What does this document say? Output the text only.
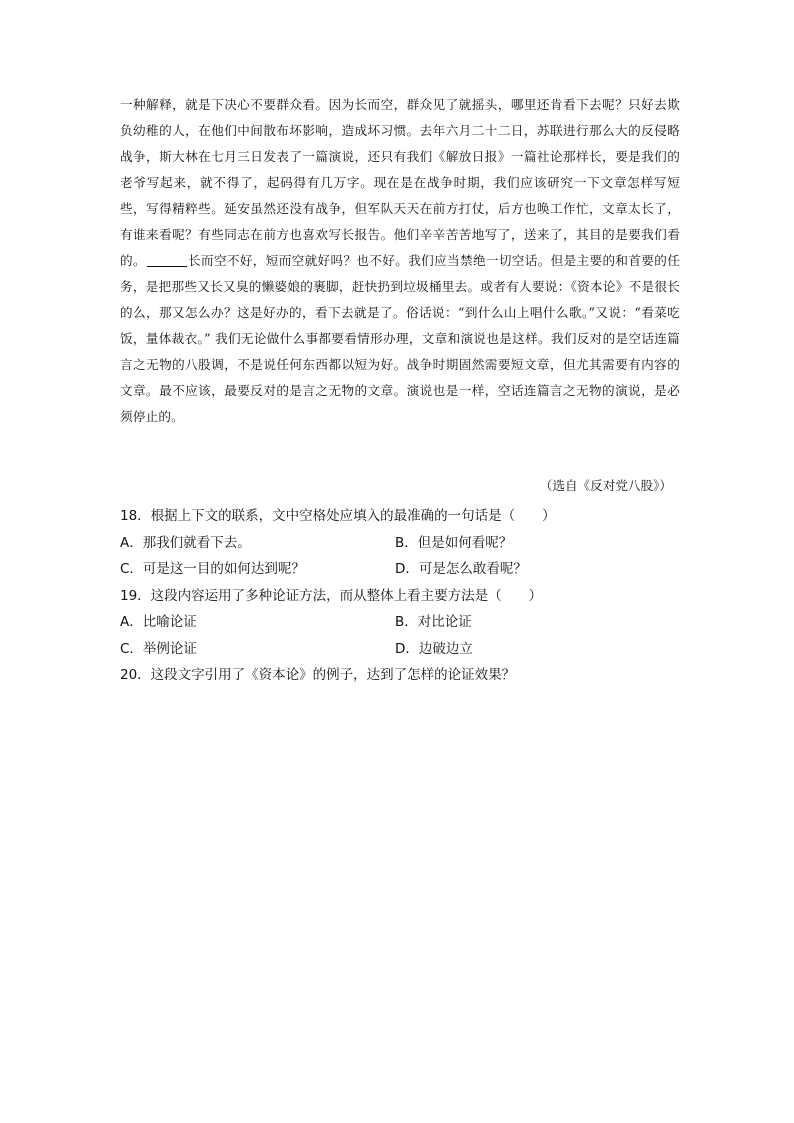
一种解释，就是下决心不要群众看。因为长而空，群众见了就摇头，哪里还肯看下去呢？只好去欺负幼稚的人，在他们中间散布坏影响，造成坏习惯。去年六月二十二日，苏联进行那么大的反侵略战争，斯大林在七月三日发表了一篇演说，还只有我们《解放日报》一篇社论那样长，要是我们的老爷写起来，就不得了，起码得有几万字。现在是在战争时期，我们应该研究一下文章怎样写短些，写得精粹些。延安虽然还没有战争，但军队天天在前方打仗，后方也唤工作忙，文章太长了，有谁来看呢？有些同志在前方也喜欢写长报告。他们辛辛苦苦地写了，送来了，其目的是要我们看的。	长而空不好，短而空就好吗？也不好。我们应当禁绝一切空话。但是主要的和首要的任务，是把那些又长又臭的懒婆娘的裹脚，赶快扔到垃圾桶里去。或者有人要说：《资本论》不是很长的么，那又怎么办？这是好办的，看下去就是了。俗话说：“到什么山上唱什么歌。”又说：“看菜吃饭，量体裁衣。” 我们无论做什么事都要看情形办理，文章和演说也是这样。我们反对的是空话连篇言之无物的八股调，不是说任何东西都以短为好。战争时期固然需要短文章，但尤其需要有内容的文章。最不应该，最要反对的是言之无物的文章。演说也是一样，空话连篇言之无物的演说，是必须停止的。

（选自《反对党八股》）
18．根据上下文的联系，文中空格处应填入的最准确的一句话是（　　）
A．那我们就看下去。	B．但是如何看呢？
C．可是这一目的如何达到呢？	D．可是怎么敢看呢？
19．这段内容运用了多种论证方法，而从整体上看主要方法是（　　）
A．比喻论证	B．对比论证
C．举例论证	D．边破边立
20．这段文字引用了《资本论》的例子，达到了怎样的论证效果？
